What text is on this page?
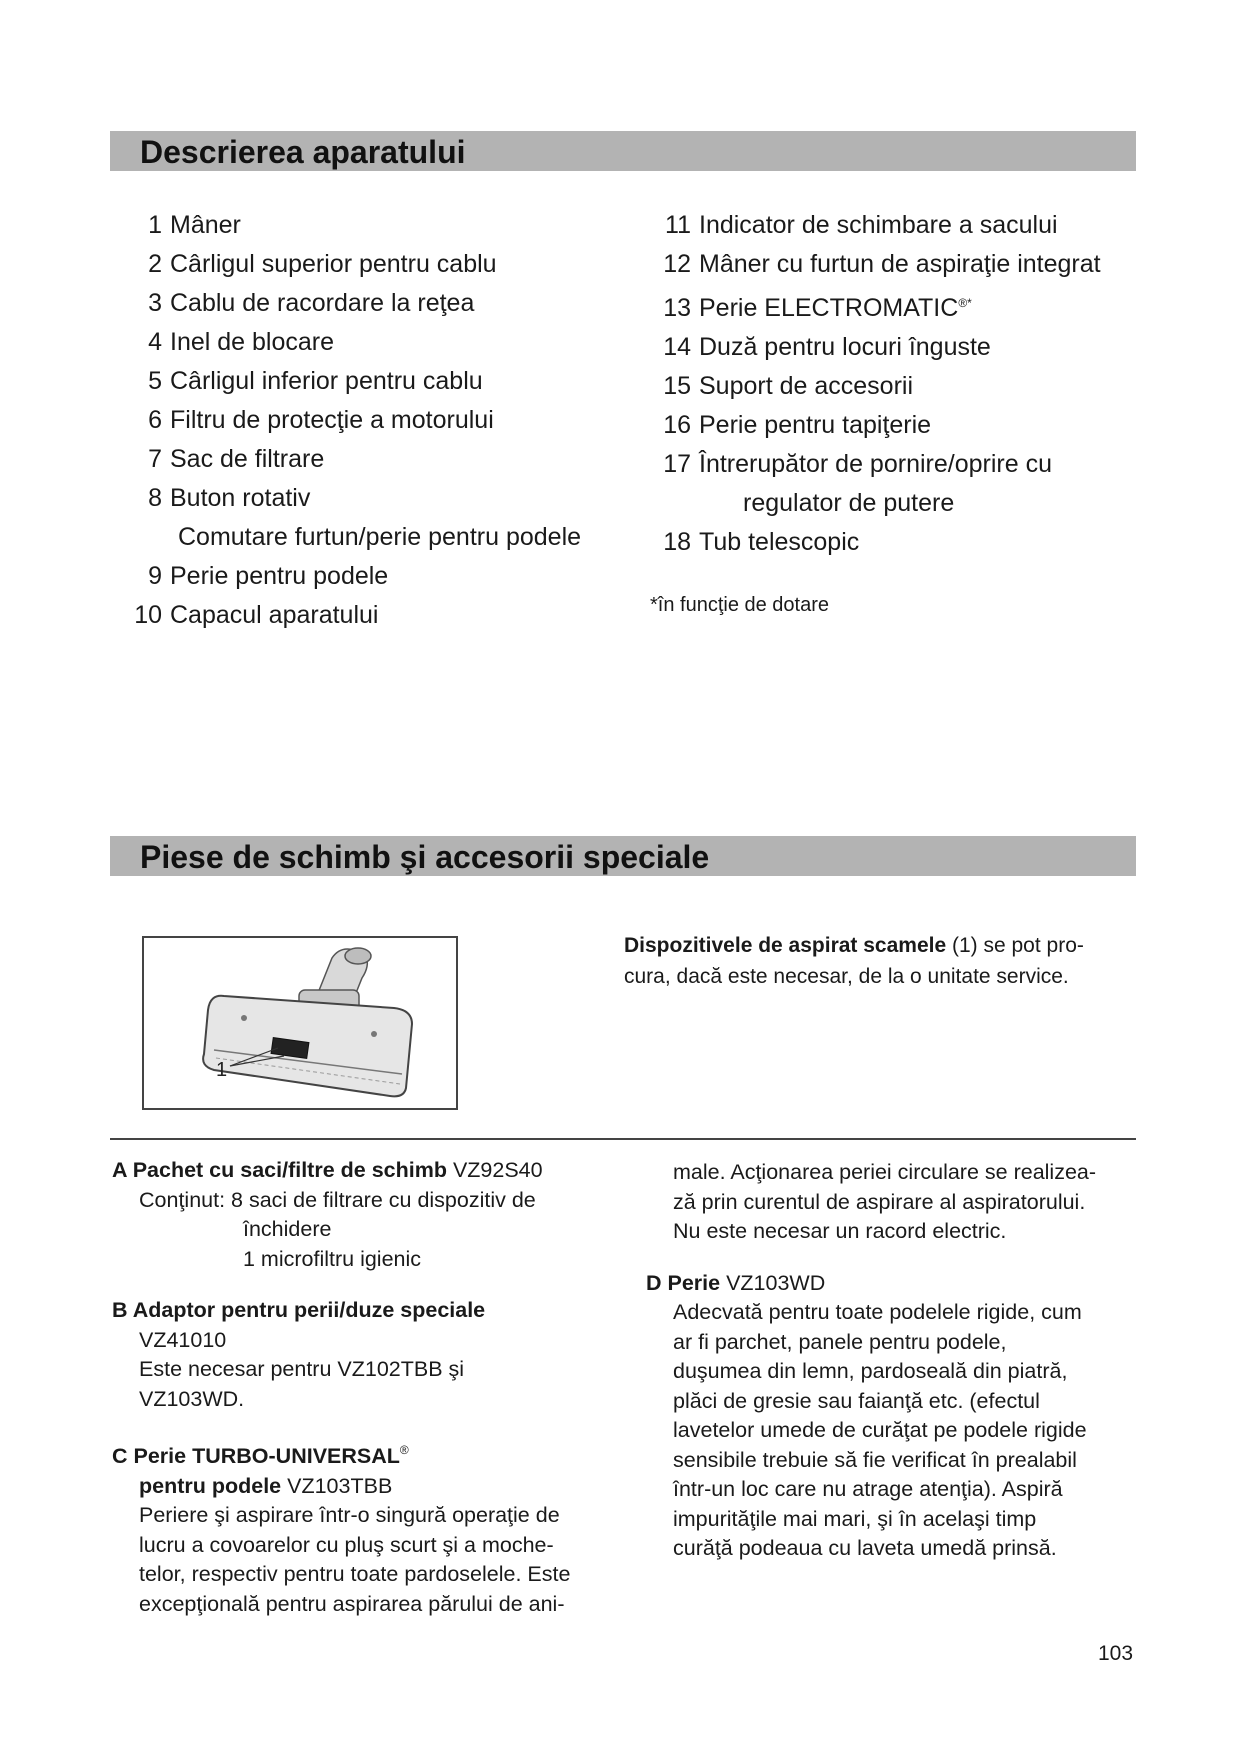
Descrierea aparatului
1 Mâner
2 Cârligul superior pentru cablu
3 Cablu de racordare la reţea
4 Inel de blocare
5 Cârligul inferior pentru cablu
6 Filtru de protecţie a motorului
7 Sac de filtrare
8 Buton rotativ
Comutare furtun/perie pentru podele
9 Perie pentru podele
10 Capacul aparatului
11 Indicator de schimbare a sacului
12 Mâner cu furtun de aspiraţie integrat
13 Perie ELECTROMATIC®*
14 Duză pentru locuri înguste
15 Suport de accesorii
16 Perie pentru tapiţerie
17 Întrerupător de pornire/oprire cu
regulator de putere
18 Tub telescopic
*în funcţie de dotare
Piese de schimb şi accesorii speciale
1
Dispozitivele de aspirat scamele (1) se pot pro-
cura, dacă este necesar, de la o unitate service.

A Pachet cu saci/filtre de schimb VZ92S40

Conţinut: 8 saci de filtrare cu dispozitiv de

închidere

1 microfiltru igienic

B Adaptor pentru perii/duze speciale

VZ41010

Este necesar pentru VZ102TBB şi

VZ103WD.

C Perie TURBO-UNIVERSAL®

pentru podele VZ103TBB

Periere şi aspirare într-o singură operaţie de

lucru a covoarelor cu pluş scurt şi a moche-

telor, respectiv pentru toate pardoselele. Este

excepţională pentru aspirarea părului de ani-

male. Acţionarea periei circulare se realizea-

ză prin curentul de aspirare al aspiratorului.

Nu este necesar un racord electric.

D Perie VZ103WD

Adecvată pentru toate podelele rigide, cum

ar fi parchet, panele pentru podele,

duşumea din lemn, pardoseală din piatră,

plăci de gresie sau faianţă etc. (efectul

lavetelor umede de curăţat pe podele rigide

sensibile trebuie să fie verificat în prealabil

într-un loc care nu atrage atenţia). Aspiră

impurităţile mai mari, şi în acelaşi timp

curăţă podeaua cu laveta umedă prinsă.

103
